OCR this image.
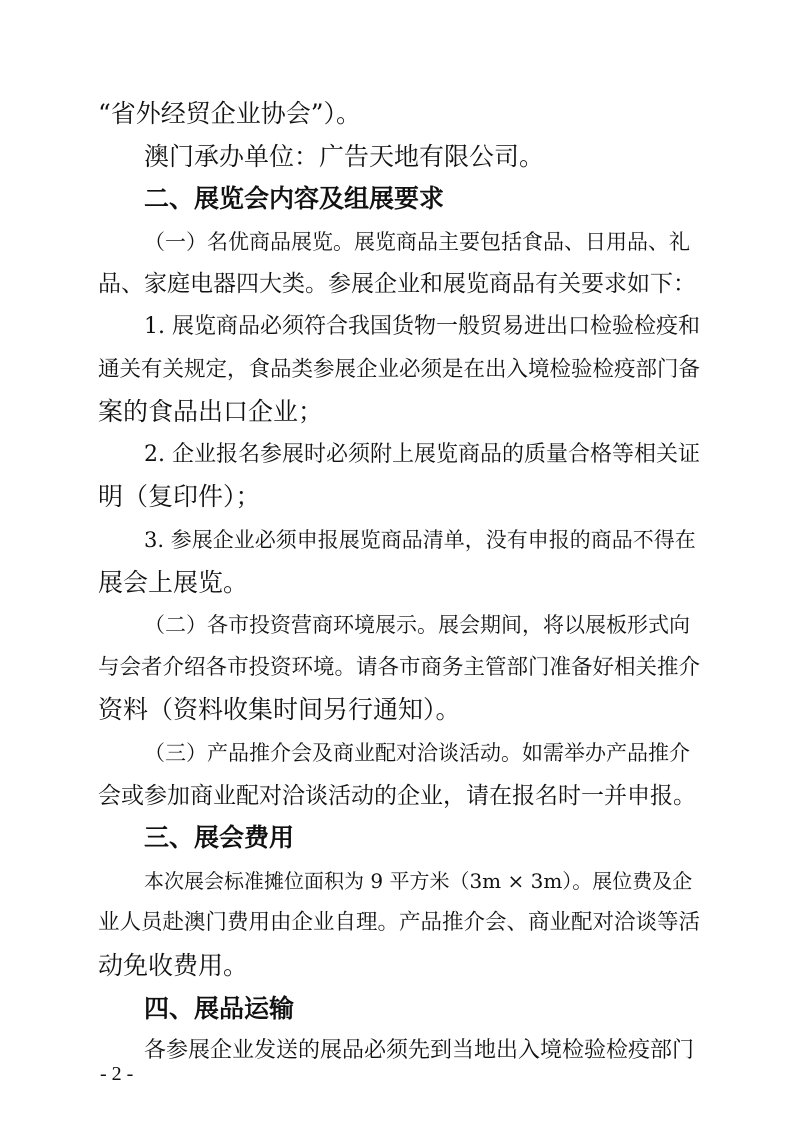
- 2 -
“省外经贸企业协会”）。
澳门承办单位：广告天地有限公司。
二、展览会内容及组展要求
（一）名优商品展览。展览商品主要包括食品、日用品、礼
品、家庭电器四大类。参展企业和展览商品有关要求如下：
1. 展览商品必须符合我国货物一般贸易进出口检验检疫和
通关有关规定，食品类参展企业必须是在出入境检验检疫部门备
案的食品出口企业；
2. 企业报名参展时必须附上展览商品的质量合格等相关证
明（复印件）；
3. 参展企业必须申报展览商品清单，没有申报的商品不得在
展会上展览。
（二）各市投资营商环境展示。展会期间，将以展板形式向
与会者介绍各市投资环境。请各市商务主管部门准备好相关推介
资料（资料收集时间另行通知）。
（三）产品推介会及商业配对洽谈活动。如需举办产品推介
会或参加商业配对洽谈活动的企业，请在报名时一并申报。
三、展会费用
本次展会标准摊位面积为 9 平方米（3m × 3m）。展位费及企
业人员赴澳门费用由企业自理。产品推介会、商业配对洽谈等活
动免收费用。
四、展品运输
各参展企业发送的展品必须先到当地出入境检验检疫部门
